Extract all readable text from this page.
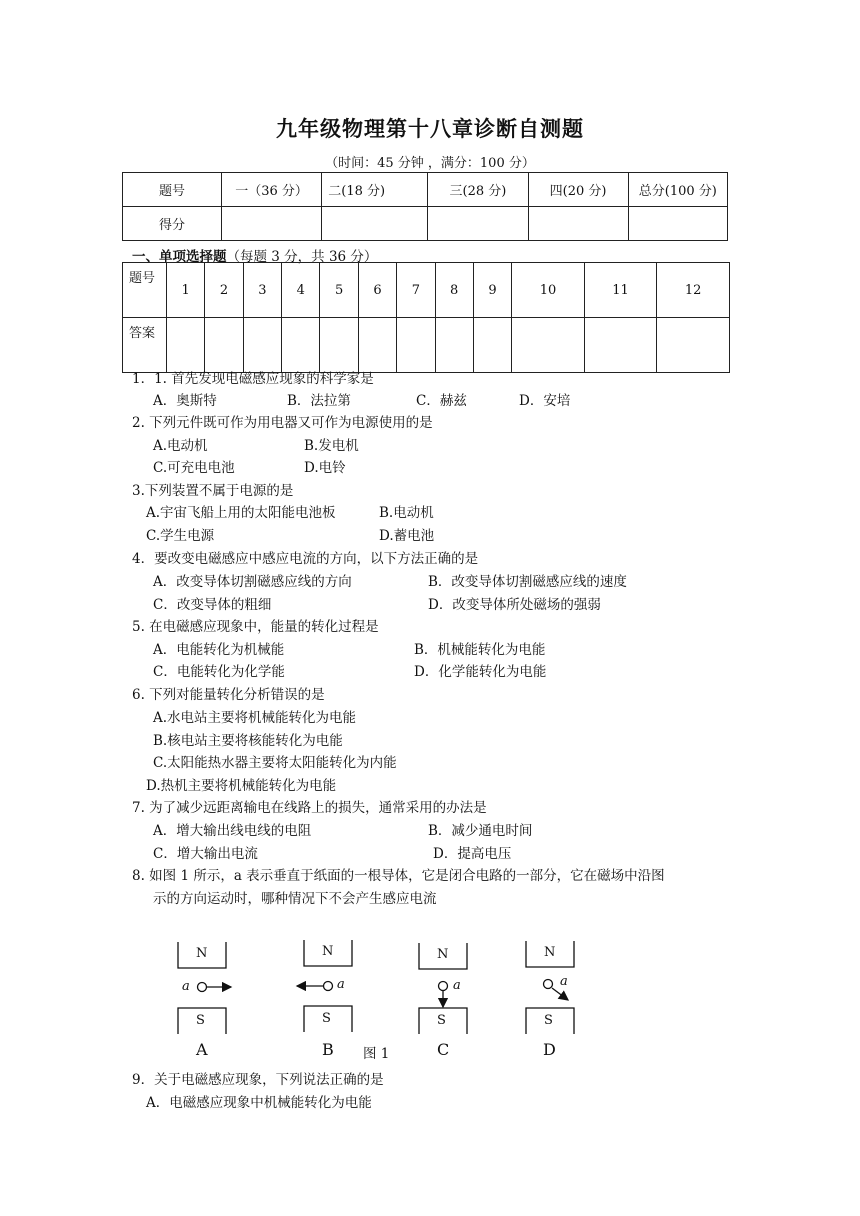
九年级物理第十八章诊断自测题
（时间：45 分钟 ，满分：100 分）
题号	一（36 分）	二(18 分)	三(28 分)	四(20 分)	总分(100 分)
得分					
一、单项选择题（每题 3 分，共 36 分）
题号	1	2	3	4	5	6	7	8	9	10	11	12
答案												
1．1. 首先发现电磁感应现象的科学家是
A．奥斯特	B．法拉第	C．赫兹	D．安培
2. 下列元件既可作为用电器又可作为电源使用的是
A.电动机	B.发电机
C.可充电电池	D.电铃
3.下列装置不属于电源的是
A.宇宙飞船上用的太阳能电池板	B.电动机
C.学生电源	D.蓄电池
4．要改变电磁感应中感应电流的方向，以下方法正确的是
A．改变导体切割磁感应线的方向	B．改变导体切割磁感应线的速度
C．改变导体的粗细	D．改变导体所处磁场的强弱
5. 在电磁感应现象中，能量的转化过程是
A．电能转化为机械能	B．机械能转化为电能
C．电能转化为化学能	D．化学能转化为电能
6. 下列对能量转化分析错误的是
A.水电站主要将机械能转化为电能
B.核电站主要将核能转化为电能
C.太阳能热水器主要将太阳能转化为内能
D.热机主要将机械能转化为电能
7. 为了减少远距离输电在线路上的损失，通常采用的办法是
A．增大输出线电线的电阻	B．减少通电时间
C．增大输出电流	D．提高电压
8. 如图 1 所示，a 表示垂直于纸面的一根导体，它是闭合电路的一部分，它在磁场中沿图
示的方向运动时，哪种情况下不会产生感应电流
N
S
a
A
N
S
a
B
N
S
a
C
N
S
a
D
图 1
9．关于电磁感应现象，下列说法正确的是
A．电磁感应现象中机械能转化为电能
